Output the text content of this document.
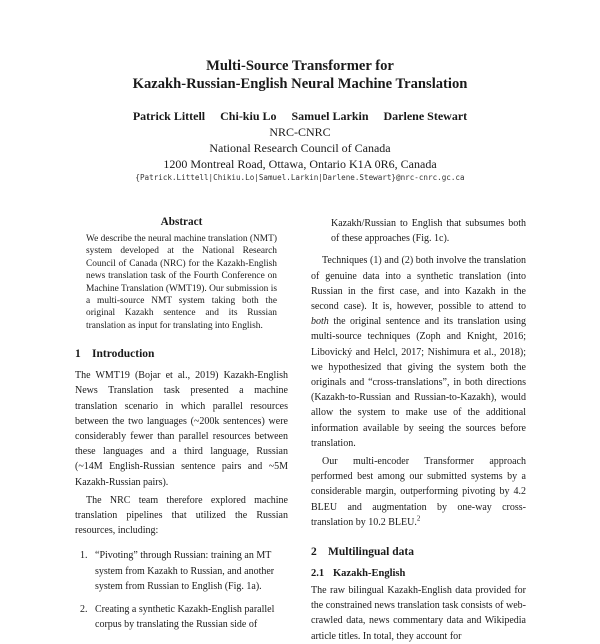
Multi-Source Transformer for
Kazakh-Russian-English Neural Machine Translation
Patrick Littell Chi-kiu Lo Samuel Larkin Darlene Stewart
NRC-CNRC
National Research Council of Canada
1200 Montreal Road, Ottawa, Ontario K1A 0R6, Canada
{Patrick.Littell|Chikiu.Lo|Samuel.Larkin|Darlene.Stewart}@nrc-cnrc.gc.ca
Abstract

We describe the neural machine translation (NMT) system developed at the National Research Council of Canada (NRC) for the Kazakh-English news translation task of the Fourth Conference on Machine Translation (WMT19). Our submission is a multi-source NMT system taking both the original Kazakh sentence and its Russian translation as input for translating into English.

1 Introduction

The WMT19 (Bojar et al., 2019) Kazakh-English News Translation task presented a machine translation scenario in which parallel resources between the two languages (~200k sentences) were considerably fewer than parallel resources between these languages and a third language, Russian (~14M English-Russian sentence pairs and ~5M Kazakh-Russian pairs).

The NRC team therefore explored machine translation pipelines that utilized the Russian resources, including:

1. “Pivoting” through Russian: training an MT system from Kazakh to Russian, and another system from Russian to English (Fig. 1a).
2. Creating a synthetic Kazakh-English parallel corpus by translating the Russian side of

Kazakh/Russian to English that subsumes both of these approaches (Fig. 1c).

Techniques (1) and (2) both involve the translation of genuine data into a synthetic translation (into Russian in the first case, and into Kazakh in the second case). It is, however, possible to attend to both the original sentence and its translation using multi-source techniques (Zoph and Knight, 2016; Libovický and Helcl, 2017; Nishimura et al., 2018); we hypothesized that giving the system both the originals and “cross-translations”, in both directions (Kazakh-to-Russian and Russian-to-Kazakh), would allow the system to make use of the additional information available by seeing the sources before translation.

Our multi-encoder Transformer approach performed best among our submitted systems by a considerable margin, outperforming pivoting by 4.2 BLEU and augmentation by one-way cross-translation by 10.2 BLEU.$^2$

2 Multilingual data
2.1 Kazakh-English

The raw bilingual Kazakh-English data provided for the constrained news translation task consists of web-crawled data, news commentary data and Wikipedia article titles. In total, they account for
